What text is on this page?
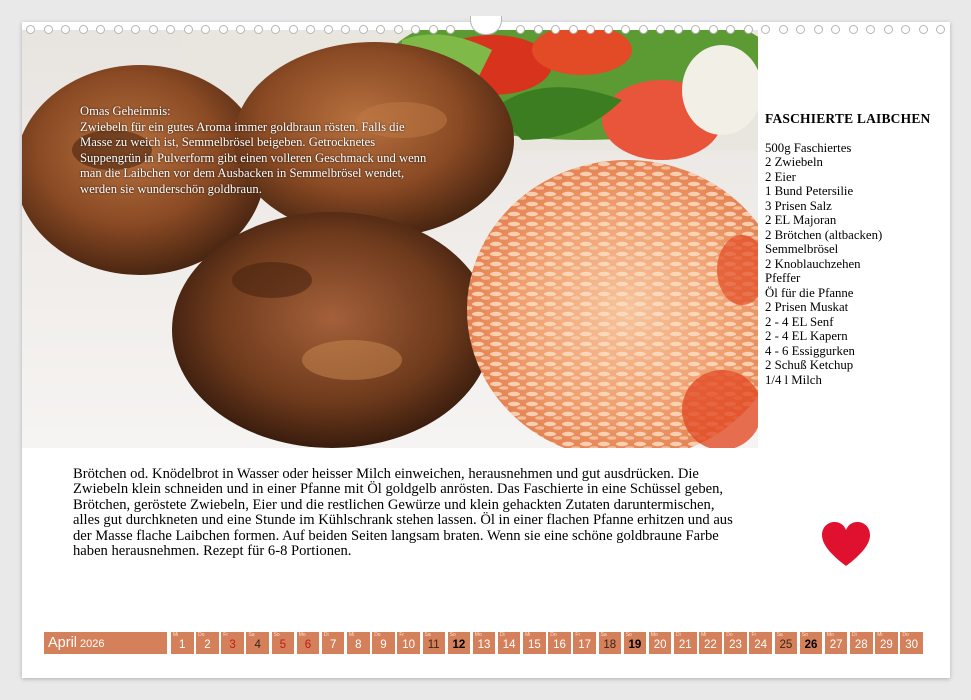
Omas Geheimnis:
Zwiebeln für ein gutes Aroma immer goldbraun rösten. Falls die Masse zu weich ist, Semmelbrösel beigeben. Getrocknetes Suppengrün in Pulverform gibt einen volleren Geschmack und wenn man die Laibchen vor dem Ausbacken in Semmelbrösel wendet, werden sie wunderschön goldbraun.
FASCHIERTE LAIBCHEN
500g Faschiertes
2 Zwiebeln
2 Eier
1 Bund Petersilie
3 Prisen Salz
2 EL Majoran
2 Brötchen (altbacken)
Semmelbrösel
2 Knoblauchzehen
Pfeffer
Öl für die Pfanne
2 Prisen Muskat
2 - 4 EL Senf
2 - 4 EL Kapern
4 - 6 Essiggurken
2 Schuß Ketchup
1/4 l Milch
Brötchen od. Knödelbrot in Wasser oder heisser Milch einweichen, herausnehmen und gut ausdrücken. Die Zwiebeln klein schneiden und in einer Pfanne mit Öl goldgelb anrösten. Das Faschierte in eine Schüssel geben, Brötchen, geröstete Zwiebeln, Eier und die restlichen Gewürze und klein gehackten Zutaten daruntermischen, alles gut durchkneten und eine Stunde im Kühlschrank stehen lassen. Öl in einer flachen Pfanne erhitzen und aus der Masse flache Laibchen formen. Auf beiden Seiten langsam braten. Wenn sie eine schöne goldbraune Farbe haben herausnehmen. Rezept für 6-8 Portionen.
April 2026
Mi
1
Do
2
Fr
3
Sa
4
So
5
Mo
6
Di
7
Mi
8
Do
9
Fr
10
Sa
11
So
12
Mo
13
Di
14
Mi
15
Do
16
Fr
17
Sa
18
So
19
Mo
20
Di
21
Mi
22
Do
23
Fr
24
Sa
25
So
26
Mo
27
Di
28
Mi
29
Do
30
